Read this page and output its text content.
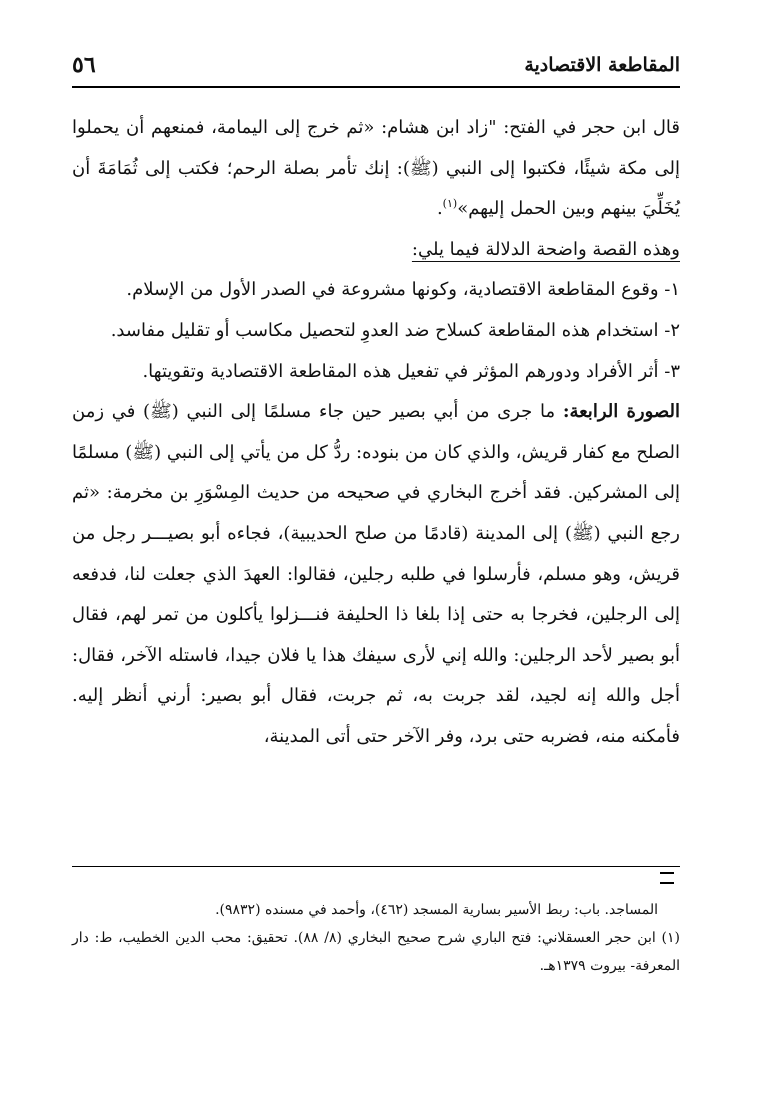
المقاطعة الاقتصادية
٥٦

قال ابن حجر في الفتح: "زاد ابن هشام: «ثم خرج إلى اليمامة، فمنعهم أن يحملوا إلى مكة شيئًا، فكتبوا إلى النبي (ﷺ): إنك تأمر بصلة الرحم؛ فكتب إلى ثُمَامَةَ أن يُخَلِّيَ بينهم وبين الحمل إليهم»$^{(١)}$.

وهذه القصة واضحة الدلالة فيما يلي:

١- وقوع المقاطعة الاقتصادية، وكونها مشروعة في الصدر الأول من الإسلام.

٢- استخدام هذه المقاطعة كسلاح ضد العدوِ لتحصيل مكاسب أو تقليل مفاسد.

٣- أثر الأفراد ودورهم المؤثر في تفعيل هذه المقاطعة الاقتصادية وتقويتها.

الصورة الرابعة: ما جرى من أبي بصير حين جاء مسلمًا إلى النبي (ﷺ) في زمن الصلح مع كفار قريش، والذي كان من بنوده: ردُّ كل من يأتي إلى النبي (ﷺ) مسلمًا إلى المشركين. فقد أخرج البخاري في صحيحه من حديث المِسْوَرِ بن مخرمة: «ثم رجع النبي (ﷺ) إلى المدينة (قادمًا من صلح الحديبية)، فجاءه أبو بصيـــر رجل من قريش، وهو مسلم، فأرسلوا في طلبه رجلين، فقالوا: العهدَ الذي جعلت لنا، فدفعه إلى الرجلين، فخرجا به حتى إذا بلغا ذا الحليفة فنـــزلوا يأكلون من تمر لهم، فقال أبو بصير لأحد الرجلين: والله إني لأرى سيفك هذا يا فلان جيدا، فاستله الآخر، فقال: أجل والله إنه لجيد، لقد جربت به، ثم جربت، فقال أبو بصير: أرني أنظر إليه. فأمكنه منه، فضربه حتى برد، وفر الآخر حتى أتى المدينة،

المساجد. باب: ربط الأسير بسارية المسجد (٤٦٢)، وأحمد في مسنده (٩٨٣٢).

(١) ابن حجر العسقلاني: فتح الباري شرح صحيح البخاري (٨/ ٨٨). تحقيق: محب الدين الخطيب، ط: دار المعرفة- بيروت ١٣٧٩هـ.
